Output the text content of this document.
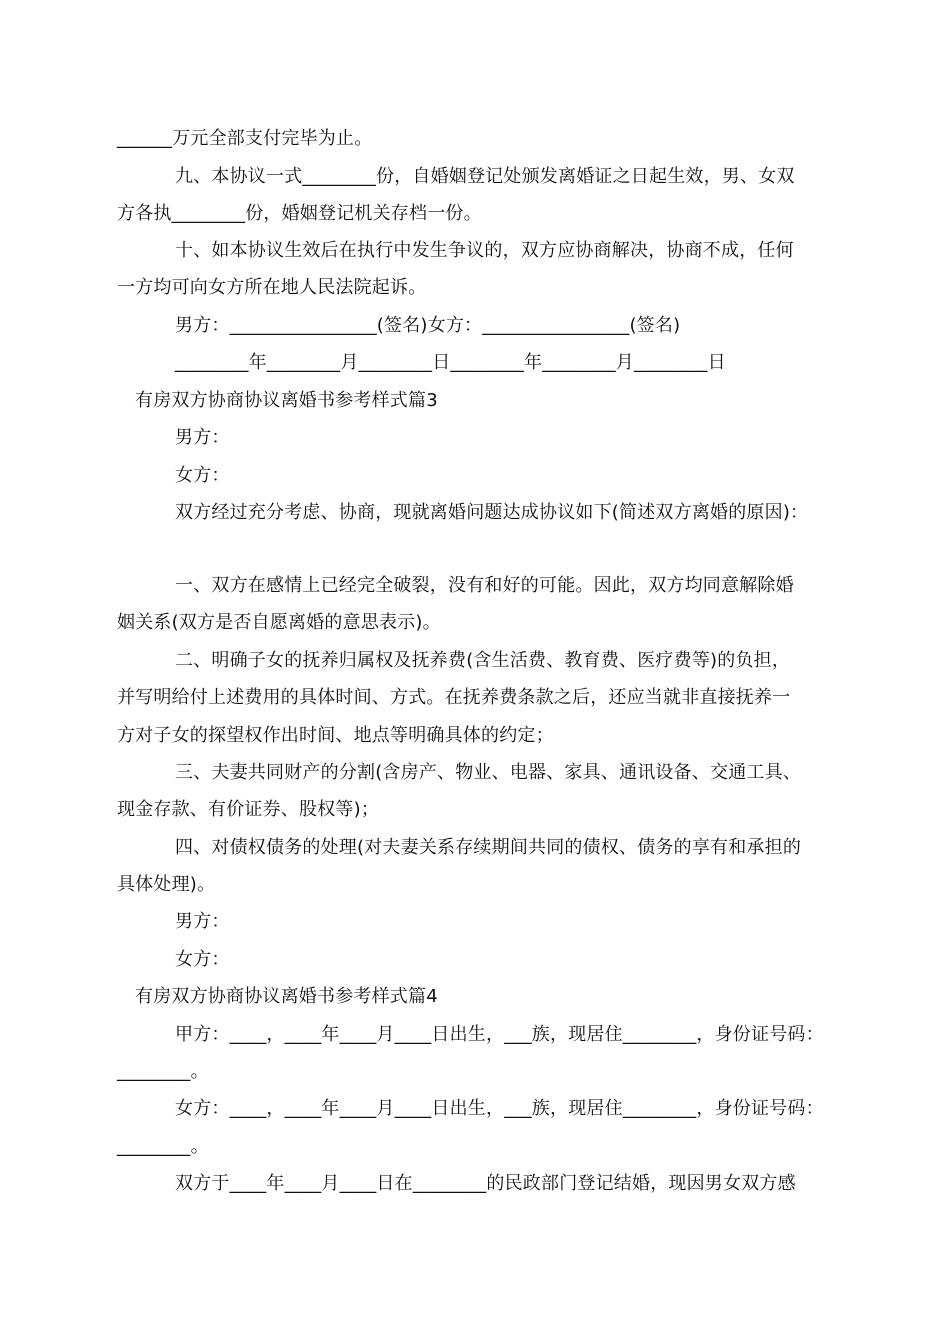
______万元全部支付完毕为止。
九、本协议一式________份，自婚姻登记处颁发离婚证之日起生效，男、女双
方各执________份，婚姻登记机关存档一份。
十、如本协议生效后在执行中发生争议的，双方应协商解决，协商不成，任何
一方均可向女方所在地人民法院起诉。
男方：________________(签名)女方：________________(签名)
________年________月________日________年________月________日
有房双方协商协议离婚书参考样式篇3
男方：
女方：
双方经过充分考虑、协商，现就离婚问题达成协议如下(简述双方离婚的原因)：
一、双方在感情上已经完全破裂，没有和好的可能。因此，双方均同意解除婚
姻关系(双方是否自愿离婚的意思表示)。
二、明确子女的抚养归属权及抚养费(含生活费、教育费、医疗费等)的负担，
并写明给付上述费用的具体时间、方式。在抚养费条款之后，还应当就非直接抚养一
方对子女的探望权作出时间、地点等明确具体的约定；
三、夫妻共同财产的分割(含房产、物业、电器、家具、通讯设备、交通工具、
现金存款、有价证券、股权等)；
四、对债权债务的处理(对夫妻关系存续期间共同的债权、债务的享有和承担的
具体处理)。
男方：
女方：
有房双方协商协议离婚书参考样式篇4
甲方：____，____年____月____日出生，___族，现居住________，身份证号码：
________。
女方：____，____年____月____日出生，___族，现居住________，身份证号码：
________。
双方于____年____月____日在________的民政部门登记结婚，现因男女双方感
